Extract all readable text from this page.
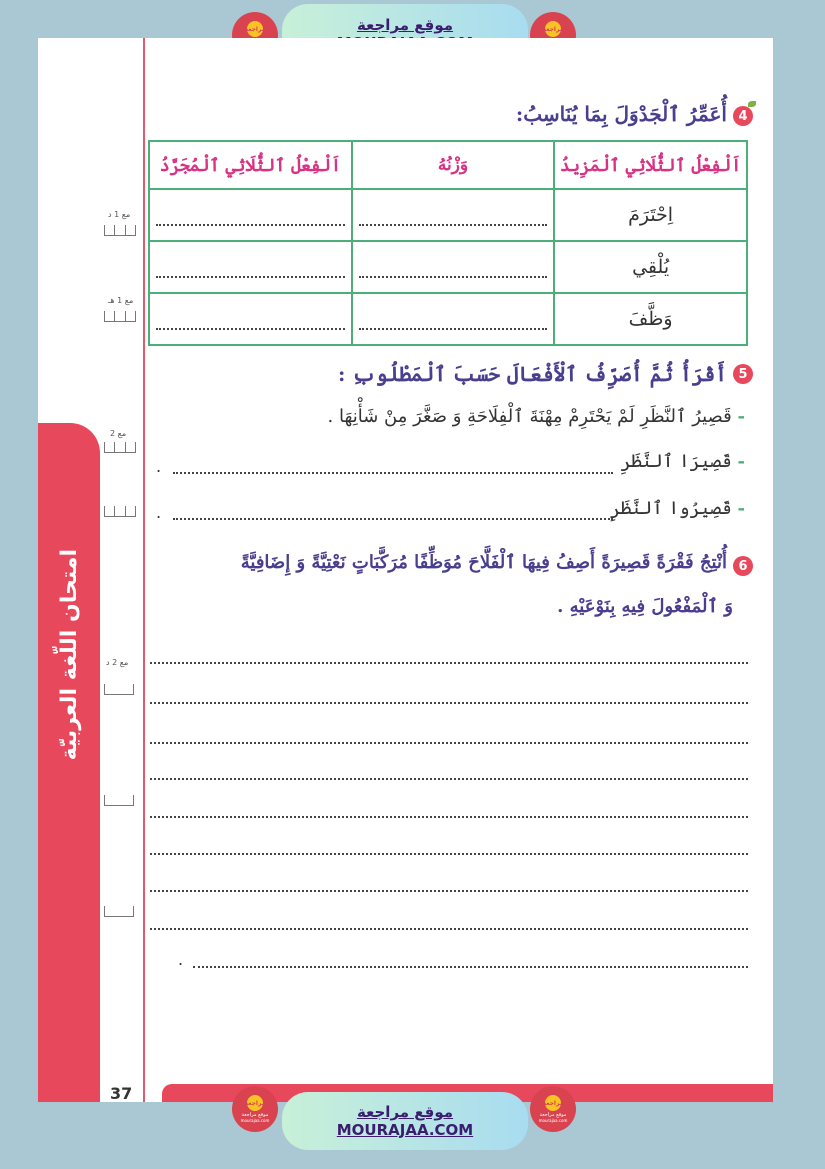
مراجعة	موقع مراجعة	مراجعة
امتحان اللّغة العربيّة
مع 1 د
مع 1 هـ
مع 2
مع 2 د
4
أُعَمِّرُ ٱلْجَدْوَلَ بِمَا يُنَاسِبُ:
اَلْفِعْلُ ٱلثُّلَاثِي ٱلْمَزِيدُ	وَزْنُهُ	اَلْفِعْلُ ٱلثُّلَاثِي ٱلْمُجَرَّدُ
اِحْتَرَمَ	

يُلْقِي	

وَظَّفَ	

5
أَقْرَأُ ثُمَّ أُصَرِّفُ ٱلْأَفْعَالَ حَسَبَ ٱلْمَطْلُوبِ :
- قَصِيرُ ٱلنَّظَرِ لَمْ يَحْتَرِمْ مِهْنَةَ ٱلْفِلَاحَةِ وَ صَغَّرَ مِنْ شَأْنِهَا .
- قَصِيرَا ٱلنَّظَرِ
.
- قَصِيرُوا ٱلنَّظَرِ
.
6
أُنْتِجُ فَقْرَةً قَصِيرَةً أَصِفُ فِيهَا ٱلْفَلَّاحَ مُوَظِّفًا مُرَكَّبَاتٍ نَعْتِيَّةً وَ إِضَافِيَّةً
وَ ٱلْمَفْعُولَ فِيهِ بِنَوْعَيْهِ .
.
37	مراجعة
موقع مراجعة
mourajaa.com	موقع مراجعة
MOURAJAA.COM
مراجعة
موقع مراجعة
mourajaa.com
